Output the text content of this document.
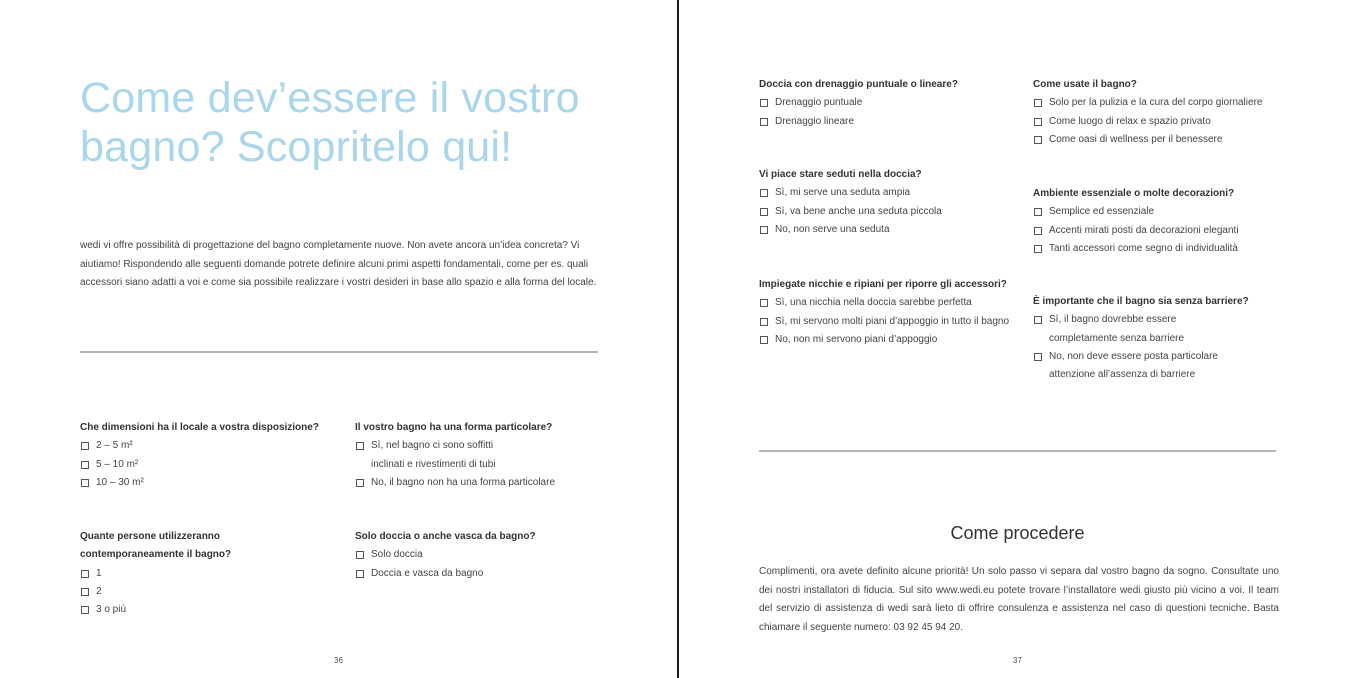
Come dev’essere il vostro bagno? Scopritelo qui!

wedi vi offre possibilità di progettazione del bagno completamente nuove. Non avete ancora un’idea concreta? Vi aiutiamo! Rispondendo alle seguenti domande potrete definire alcuni primi aspetti fondamentali, come per es. quali accessori siano adatti a voi e come sia possibile realizzare i vostri desideri in base allo spazio e alla forma del locale.

Che dimensioni ha il locale a vostra disposizione?
2 – 5 m²
5 – 10 m²
10 – 30 m²
Il vostro bagno ha una forma particolare?
Sì, nel bagno ci sono soffitti
inclinati e rivestimenti di tubi
No, il bagno non ha una forma particolare
Quante persone utilizzeranno
contemporaneamente il bagno?
1
2
3 o più
Solo doccia o anche vasca da bagno?
Solo doccia
Doccia e vasca da bagno
36
Doccia con drenaggio puntuale o lineare?
Drenaggio puntuale
Drenaggio lineare
Come usate il bagno?
Solo per la pulizia e la cura del corpo giornaliere
Come luogo di relax e spazio privato
Come oasi di wellness per il benessere
Vi piace stare seduti nella doccia?
Sì, mi serve una seduta ampia
Sì, va bene anche una seduta piccola
No, non serve una seduta
Ambiente essenziale o molte decorazioni?
Semplice ed essenziale
Accenti mirati posti da decorazioni eleganti
Tanti accessori come segno di individualità
Impiegate nicchie e ripiani per riporre gli accessori?
Sì, una nicchia nella doccia sarebbe perfetta
Sì, mi servono molti piani d’appoggio in tutto il bagno
No, non mi servono piani d’appoggio
È importante che il bagno sia senza barriere?
Sì, il bagno dovrebbe essere
completamente senza barriere
No, non deve essere posta particolare
attenzione all’assenza di barriere
Come procedere

Complimenti, ora avete definito alcune priorità! Un solo passo vi separa dal vostro bagno da sogno. Consultate uno dei nostri installatori di fiducia. Sul sito www.wedi.eu potete trovare l’installatore wedi giusto più vicino a voi. Il team del servizio di assistenza di wedi sarà lieto di offrire consulenza e assistenza nel caso di questioni tecniche. Basta chiamare il seguente numero: 03 92 45 94 20.

37
